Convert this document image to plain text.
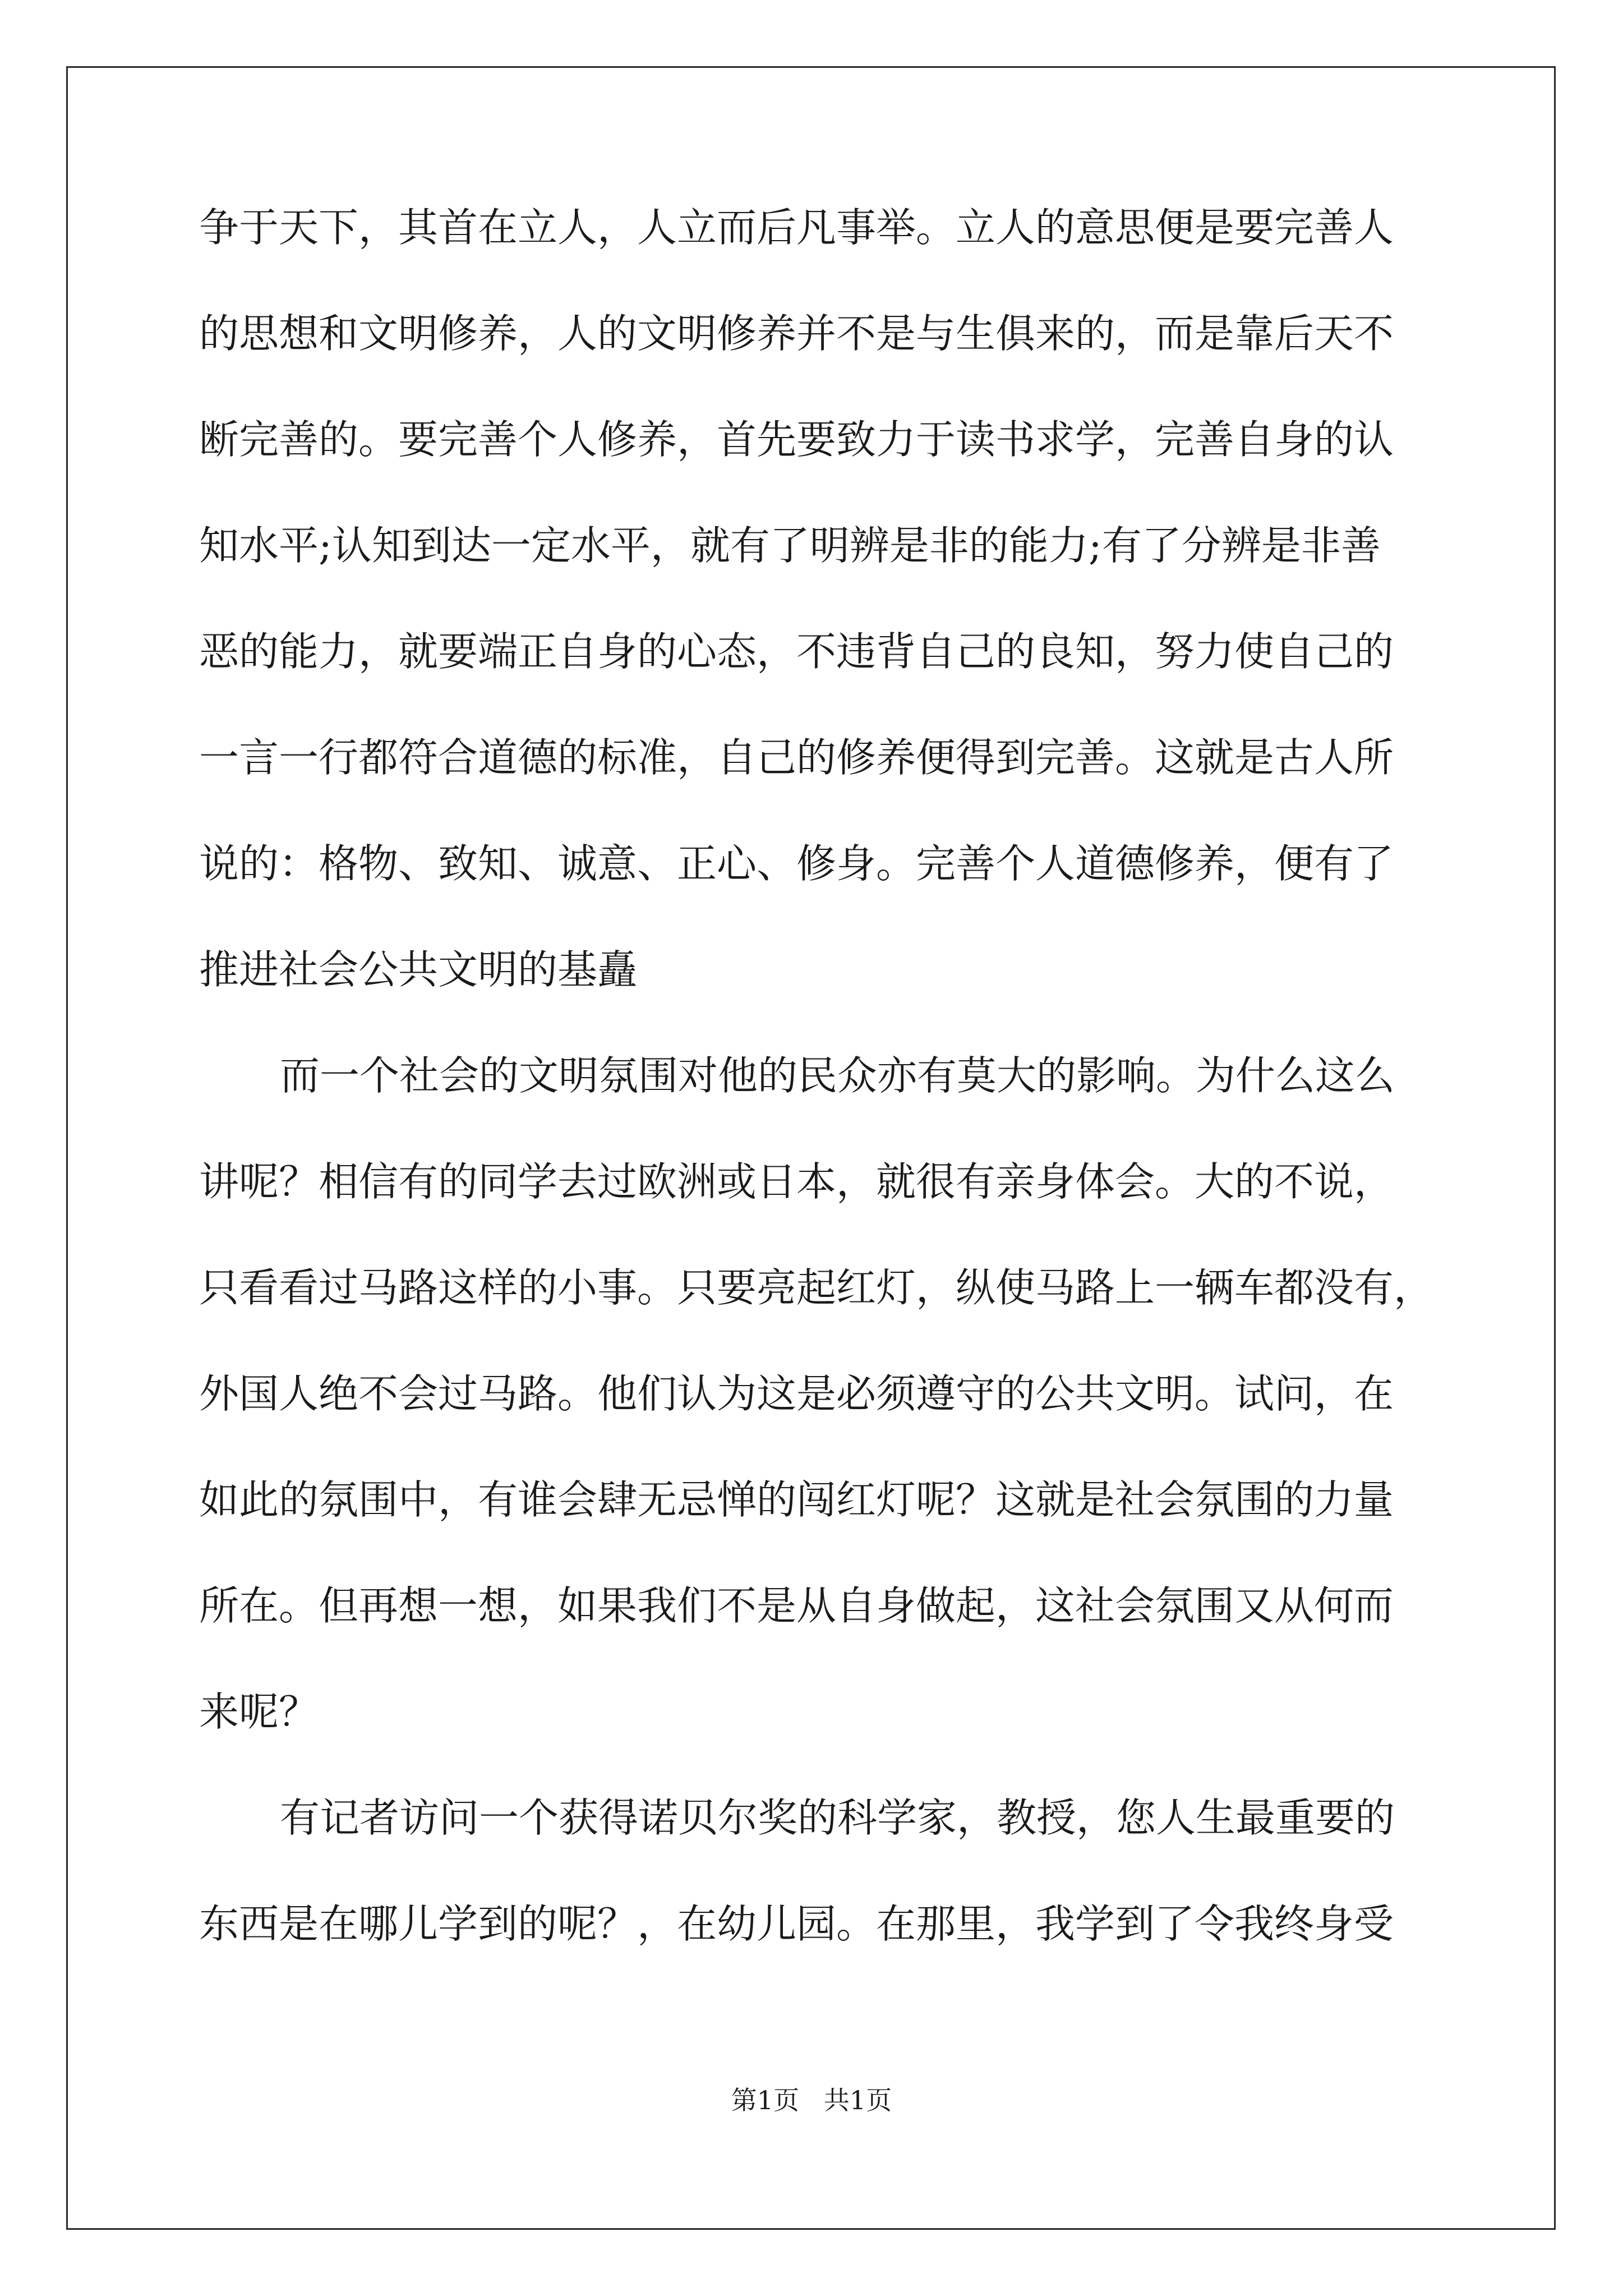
争于天下，其首在立人，人立而后凡事举。立人的意思便是要完善人
的思想和文明修养，人的文明修养并不是与生俱来的，而是靠后天不
断完善的。要完善个人修养，首先要致力于读书求学，完善自身的认
知水平;认知到达一定水平，就有了明辨是非的能力;有了分辨是非善
恶的能力，就要端正自身的心态，不违背自己的良知，努力使自己的
一言一行都符合道德的标准，自己的修养便得到完善。这就是古人所
说的：格物、致知、诚意、正心、修身。完善个人道德修养，便有了
推进社会公共文明的基矗
而一个社会的文明氛围对他的民众亦有莫大的影响。为什么这么
讲呢？相信有的同学去过欧洲或日本，就很有亲身体会。大的不说，
只看看过马路这样的小事。只要亮起红灯，纵使马路上一辆车都没有，
外国人绝不会过马路。他们认为这是必须遵守的公共文明。试问，在
如此的氛围中，有谁会肆无忌惮的闯红灯呢？这就是社会氛围的力量
所在。但再想一想，如果我们不是从自身做起，这社会氛围又从何而
来呢？
有记者访问一个获得诺贝尔奖的科学家，教授，您人生最重要的
东西是在哪儿学到的呢？，在幼儿园。在那里，我学到了令我终身受
第1页   共1页
